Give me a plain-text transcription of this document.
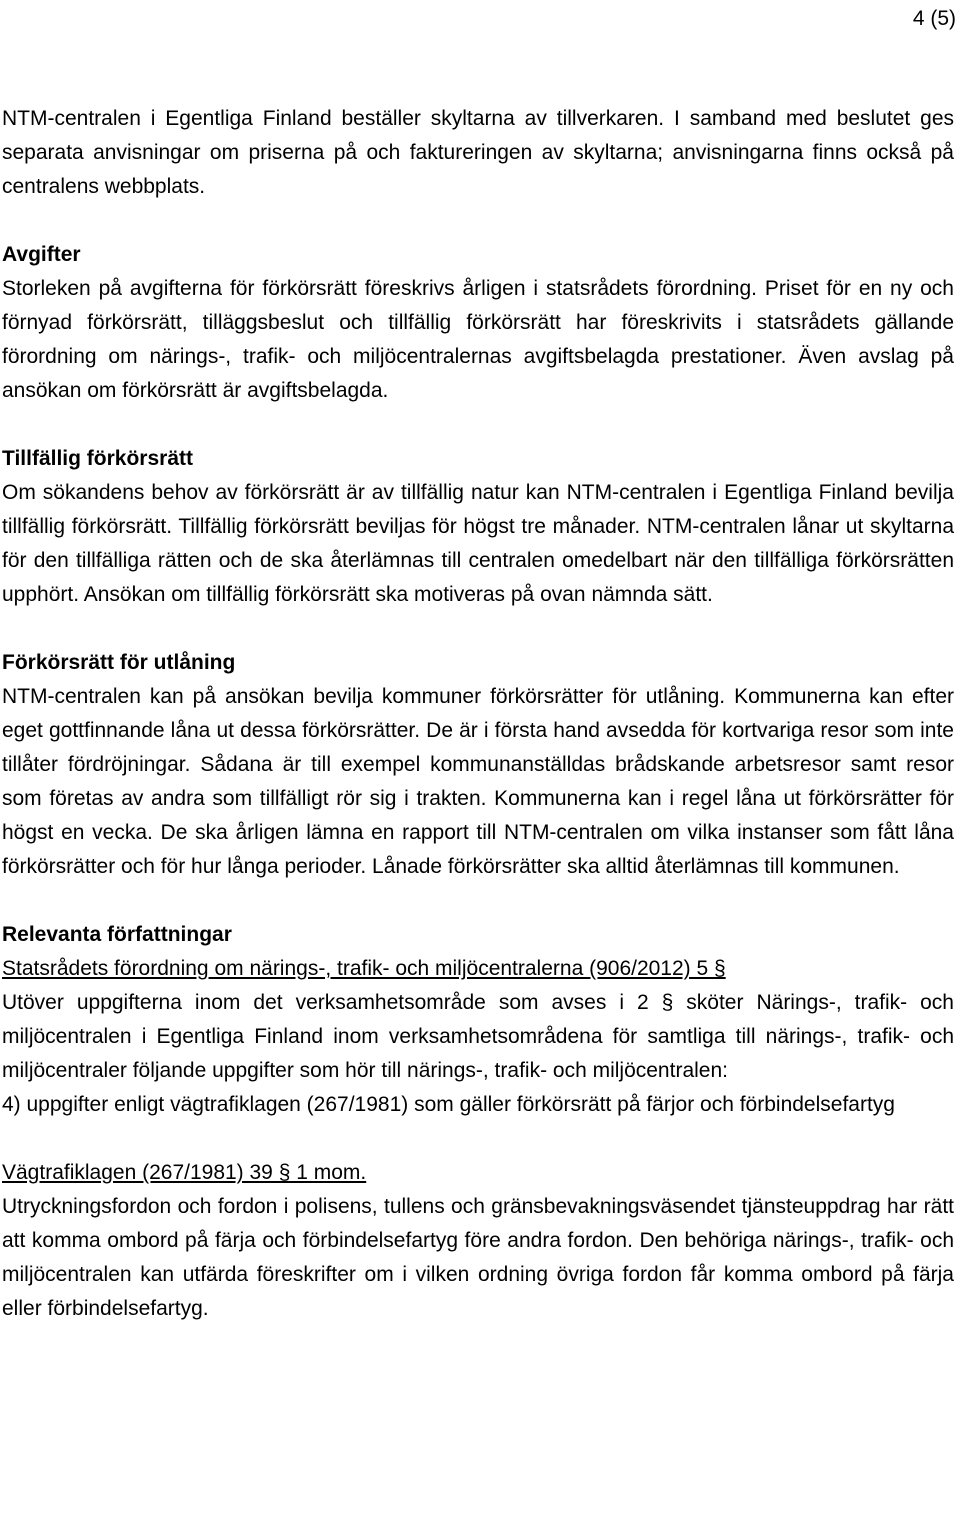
4 (5)

NTM-centralen i Egentliga Finland beställer skyltarna av tillverkaren. I samband med beslutet ges separata anvisningar om priserna på och faktureringen av skyltarna; anvisningarna finns också på centralens webbplats.

Avgifter

Storleken på avgifterna för förkörsrätt föreskrivs årligen i statsrådets förordning. Priset för en ny och förnyad förkörsrätt, tilläggsbeslut och tillfällig förkörsrätt har föreskrivits i statsrådets gällande förordning om närings-, trafik- och miljöcentralernas avgiftsbelagda prestationer. Även avslag på ansökan om förkörsrätt är avgiftsbelagda.

Tillfällig förkörsrätt

Om sökandens behov av förkörsrätt är av tillfällig natur kan NTM-centralen i Egentliga Finland bevilja tillfällig förkörsrätt. Tillfällig förkörsrätt beviljas för högst tre månader. NTM-centralen lånar ut skyltarna för den tillfälliga rätten och de ska återlämnas till centralen omedelbart när den tillfälliga förkörsrätten upphört. Ansökan om tillfällig förkörsrätt ska motiveras på ovan nämnda sätt.

Förkörsrätt för utlåning

NTM-centralen kan på ansökan bevilja kommuner förkörsrätter för utlåning. Kommunerna kan efter eget gottfinnande låna ut dessa förkörsrätter. De är i första hand avsedda för kortvariga resor som inte tillåter fördröjningar. Sådana är till exempel kommunanställdas brådskande arbetsresor samt resor som företas av andra som tillfälligt rör sig i trakten. Kommunerna kan i regel låna ut förkörsrätter för högst en vecka. De ska årligen lämna en rapport till NTM-centralen om vilka instanser som fått låna förkörsrätter och för hur långa perioder. Lånade förkörsrätter ska alltid återlämnas till kommunen.

Relevanta författningar

Statsrådets förordning om närings-, trafik- och miljöcentralerna (906/2012) 5 §

Utöver uppgifterna inom det verksamhetsområde som avses i 2 § sköter Närings-, trafik- och miljöcentralen i Egentliga Finland inom verksamhetsområdena för samtliga till närings-, trafik- och miljöcentraler följande uppgifter som hör till närings-, trafik- och miljöcentralen:

4) uppgifter enligt vägtrafiklagen (267/1981) som gäller förkörsrätt på färjor och förbindelsefartyg

Vägtrafiklagen (267/1981) 39 § 1 mom.

Utryckningsfordon och fordon i polisens, tullens och gränsbevakningsväsendet tjänsteuppdrag har rätt att komma ombord på färja och förbindelsefartyg före andra fordon. Den behöriga närings-, trafik- och miljöcentralen kan utfärda föreskrifter om i vilken ordning övriga fordon får komma ombord på färja eller förbindelsefartyg.
